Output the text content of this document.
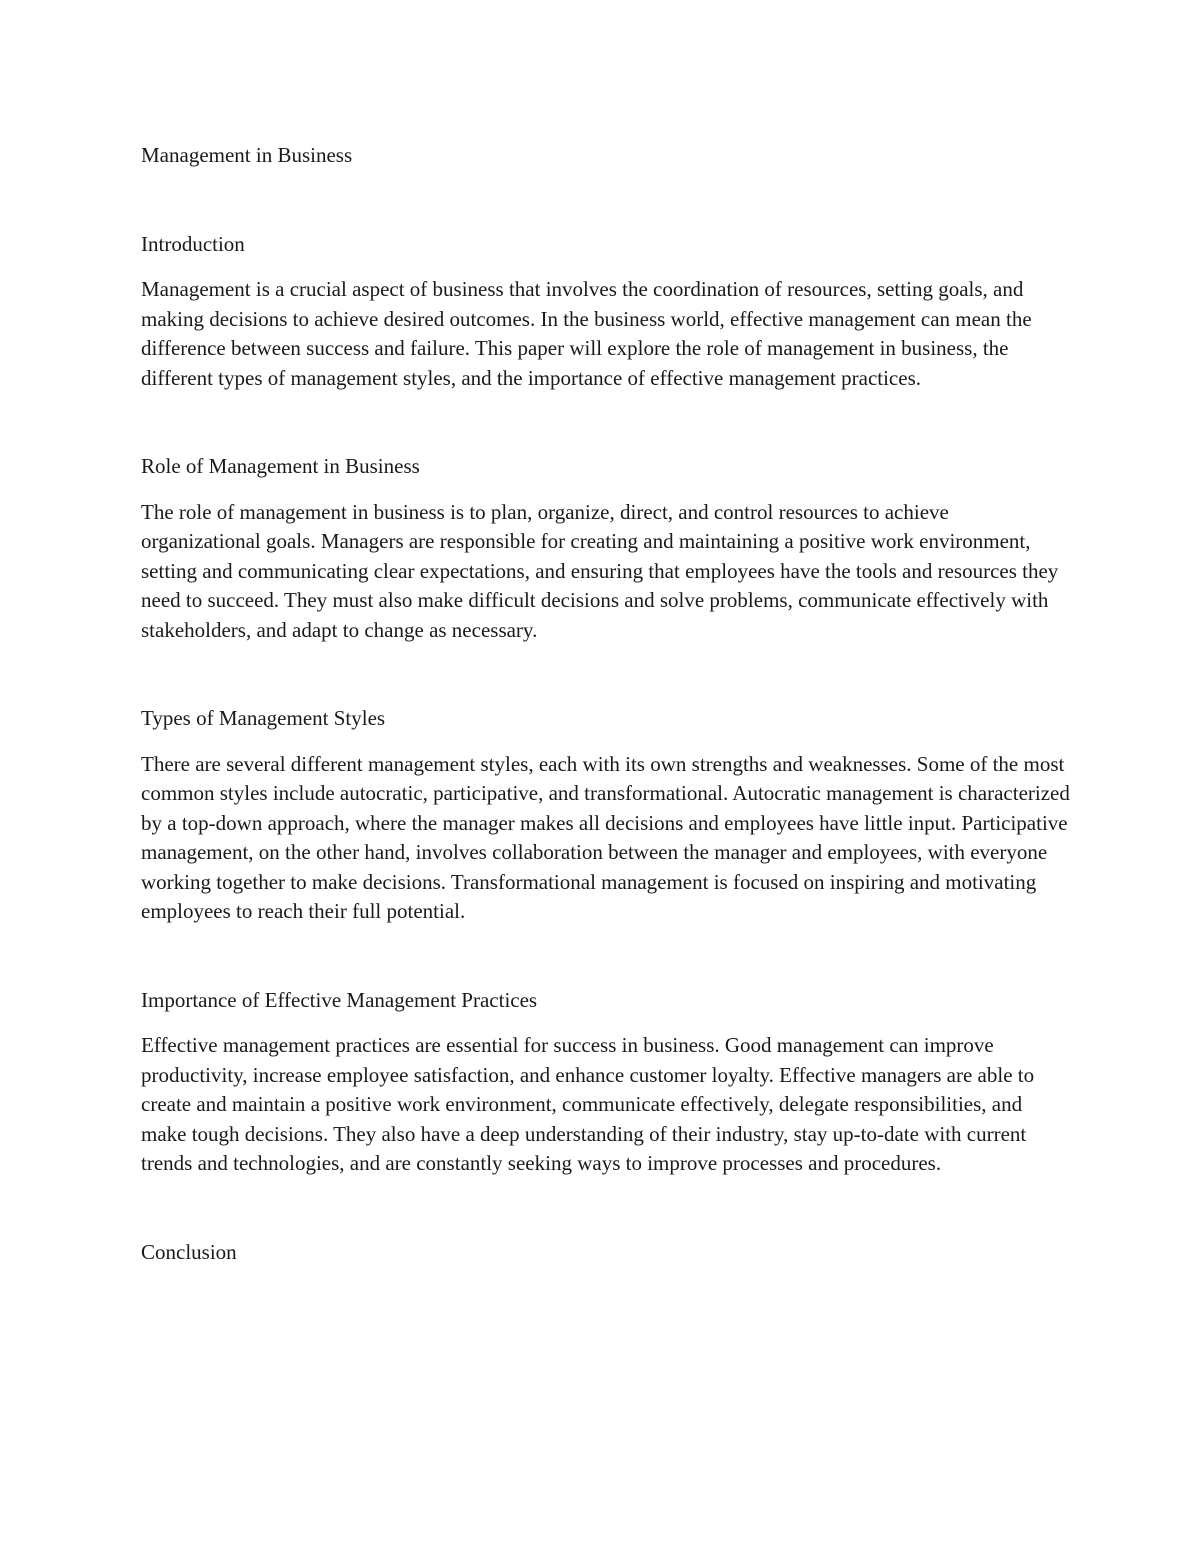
Management in Business
Introduction

Management is a crucial aspect of business that involves the coordination of resources, setting goals, and making decisions to achieve desired outcomes. In the business world, effective management can mean the difference between success and failure. This paper will explore the role of management in business, the different types of management styles, and the importance of effective management practices.

Role of Management in Business

The role of management in business is to plan, organize, direct, and control resources to achieve organizational goals. Managers are responsible for creating and maintaining a positive work environment, setting and communicating clear expectations, and ensuring that employees have the tools and resources they need to succeed. They must also make difficult decisions and solve problems, communicate effectively with stakeholders, and adapt to change as necessary.

Types of Management Styles

There are several different management styles, each with its own strengths and weaknesses. Some of the most common styles include autocratic, participative, and transformational. Autocratic management is characterized by a top-down approach, where the manager makes all decisions and employees have little input. Participative management, on the other hand, involves collaboration between the manager and employees, with everyone working together to make decisions. Transformational management is focused on inspiring and motivating employees to reach their full potential.

Importance of Effective Management Practices

Effective management practices are essential for success in business. Good management can improve productivity, increase employee satisfaction, and enhance customer loyalty. Effective managers are able to create and maintain a positive work environment, communicate effectively, delegate responsibilities, and make tough decisions. They also have a deep understanding of their industry, stay up-to-date with current trends and technologies, and are constantly seeking ways to improve processes and procedures.

Conclusion
